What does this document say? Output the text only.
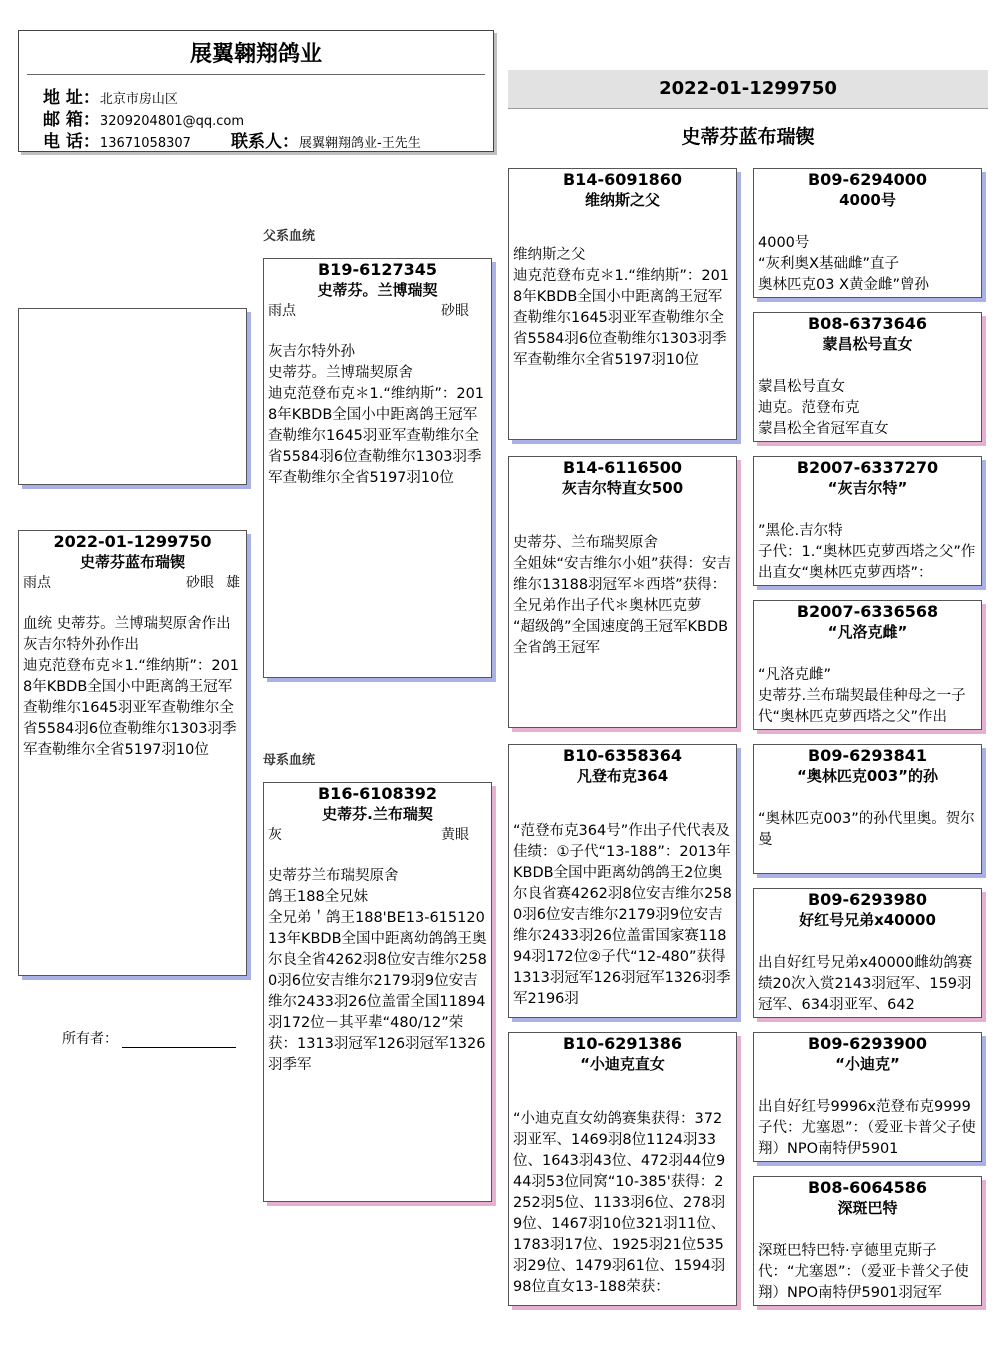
展翼翱翔鸽业
地 址：北京市房山区
邮 箱：3209204801@qq.com
电 话：13671058307 联系人：展翼翱翔鸽业-王先生
2022-01-1299750
史蒂芬蓝布瑞锲
2022-01-1299750
史蒂芬蓝布瑞锲
雨点	砂眼 雄
血统 史蒂芬。兰博瑞契原舍作出
灰吉尔特外孙作出
迪克范登布克＊1.“维纳斯”：2018年KBDB全国小中距离鸽王冠军查勒维尔1645羽亚军查勒维尔全省5584羽6位查勒维尔1303羽季军查勒维尔全省5197羽10位
所有者：
父系血统
母系血统
B19-6127345
史蒂芬。兰博瑞契
雨点	砂眼

灰吉尔特外孙
史蒂芬。兰博瑞契原舍
迪克范登布克＊1.“维纳斯”：2018年KBDB全国小中距离鸽王冠军查勒维尔1645羽亚军查勒维尔全省5584羽6位查勒维尔1303羽季军查勒维尔全省5197羽10位
B16-6108392
史蒂芬.兰布瑞契
灰	黄眼

史蒂芬兰布瑞契原舍
鸽王188全兄妹
全兄弟＇鸽王188'BE13-61512013年KBDB全国中距离幼鸽鸽王奥尔良全省4262羽8位安吉维尔2580羽6位安吉维尔2179羽9位安吉维尔2433羽26位盖雷全国11894羽172位－其平辈“480/12”荣获：1313羽冠军126羽冠军1326羽季军
B14-6091860
维纳斯之父

维纳斯之父
迪克范登布克＊1.“维纳斯”：2018年KBDB全国小中距离鸽王冠军查勒维尔1645羽亚军查勒维尔全省5584羽6位查勒维尔1303羽季军查勒维尔全省5197羽10位
B14-6116500
灰吉尔特直女500

史蒂芬、兰布瑞契原舍
全姐妹“安吉维尔小姐”获得：安吉维尔13188羽冠军＊西塔”获得：全兄弟作出子代＊奥林匹克萝
“超级鸽”全国速度鸽王冠军KBDB全省鸽王冠军
B10-6358364
凡登布克364

“范登布克364号”作出子代代表及佳绩：①子代“13-188”：2013年KBDB全国中距离幼鸽鸽王2位奥尔良省赛4262羽8位安吉维尔2580羽6位安吉维尔2179羽9位安吉维尔2433羽26位盖雷国家赛11894羽172位②子代“12-480”获得1313羽冠军126羽冠军1326羽季军2196羽
B10-6291386
“小迪克直女

“小迪克直女幼鸽赛集获得：372羽亚军、1469羽8位1124羽33位、1643羽43位、472羽44位944羽53位同窝“10-385'获得：2252羽5位、1133羽6位、278羽9位、1467羽10位321羽11位、1783羽17位、1925羽21位535羽29位、1479羽61位、1594羽98位直女13-188荣获：
B09-6294000
4000号

4000号
“灰利奥X基础雌”直子
奥林匹克03 X黄金雌”曾孙
B08-6373646
蒙昌松号直女

蒙昌松号直女
迪克。范登布克
蒙昌松全省冠军直女
B2007-6337270
“灰吉尔特”

”黑伦.吉尔特
子代：1.“奥林匹克萝西塔之父”作出直女“奥林匹克萝西塔”：
B2007-6336568
“凡洛克雌”

“凡洛克雌”
史蒂芬.兰布瑞契最佳种母之一子代“奥林匹克萝西塔之父”作出
B09-6293841
“奥林匹克003”的孙

“奥林匹克003”的孙代里奥。贺尔曼
B09-6293980
好红号兄弟x40000

出自好红号兄弟x40000雌幼鸽赛绩20次入赏2143羽冠军、159羽冠军、634羽亚军、642
B09-6293900
“小迪克”

出自好红号9996x范登布克9999子代：尤塞恩”：（爱亚卡普父子使翔）NPO南特伊5901
B08-6064586
深斑巴特

深斑巴特巴特·亨德里克斯子代：“尤塞恩”：（爱亚卡普父子使翔）NPO南特伊5901羽冠军
